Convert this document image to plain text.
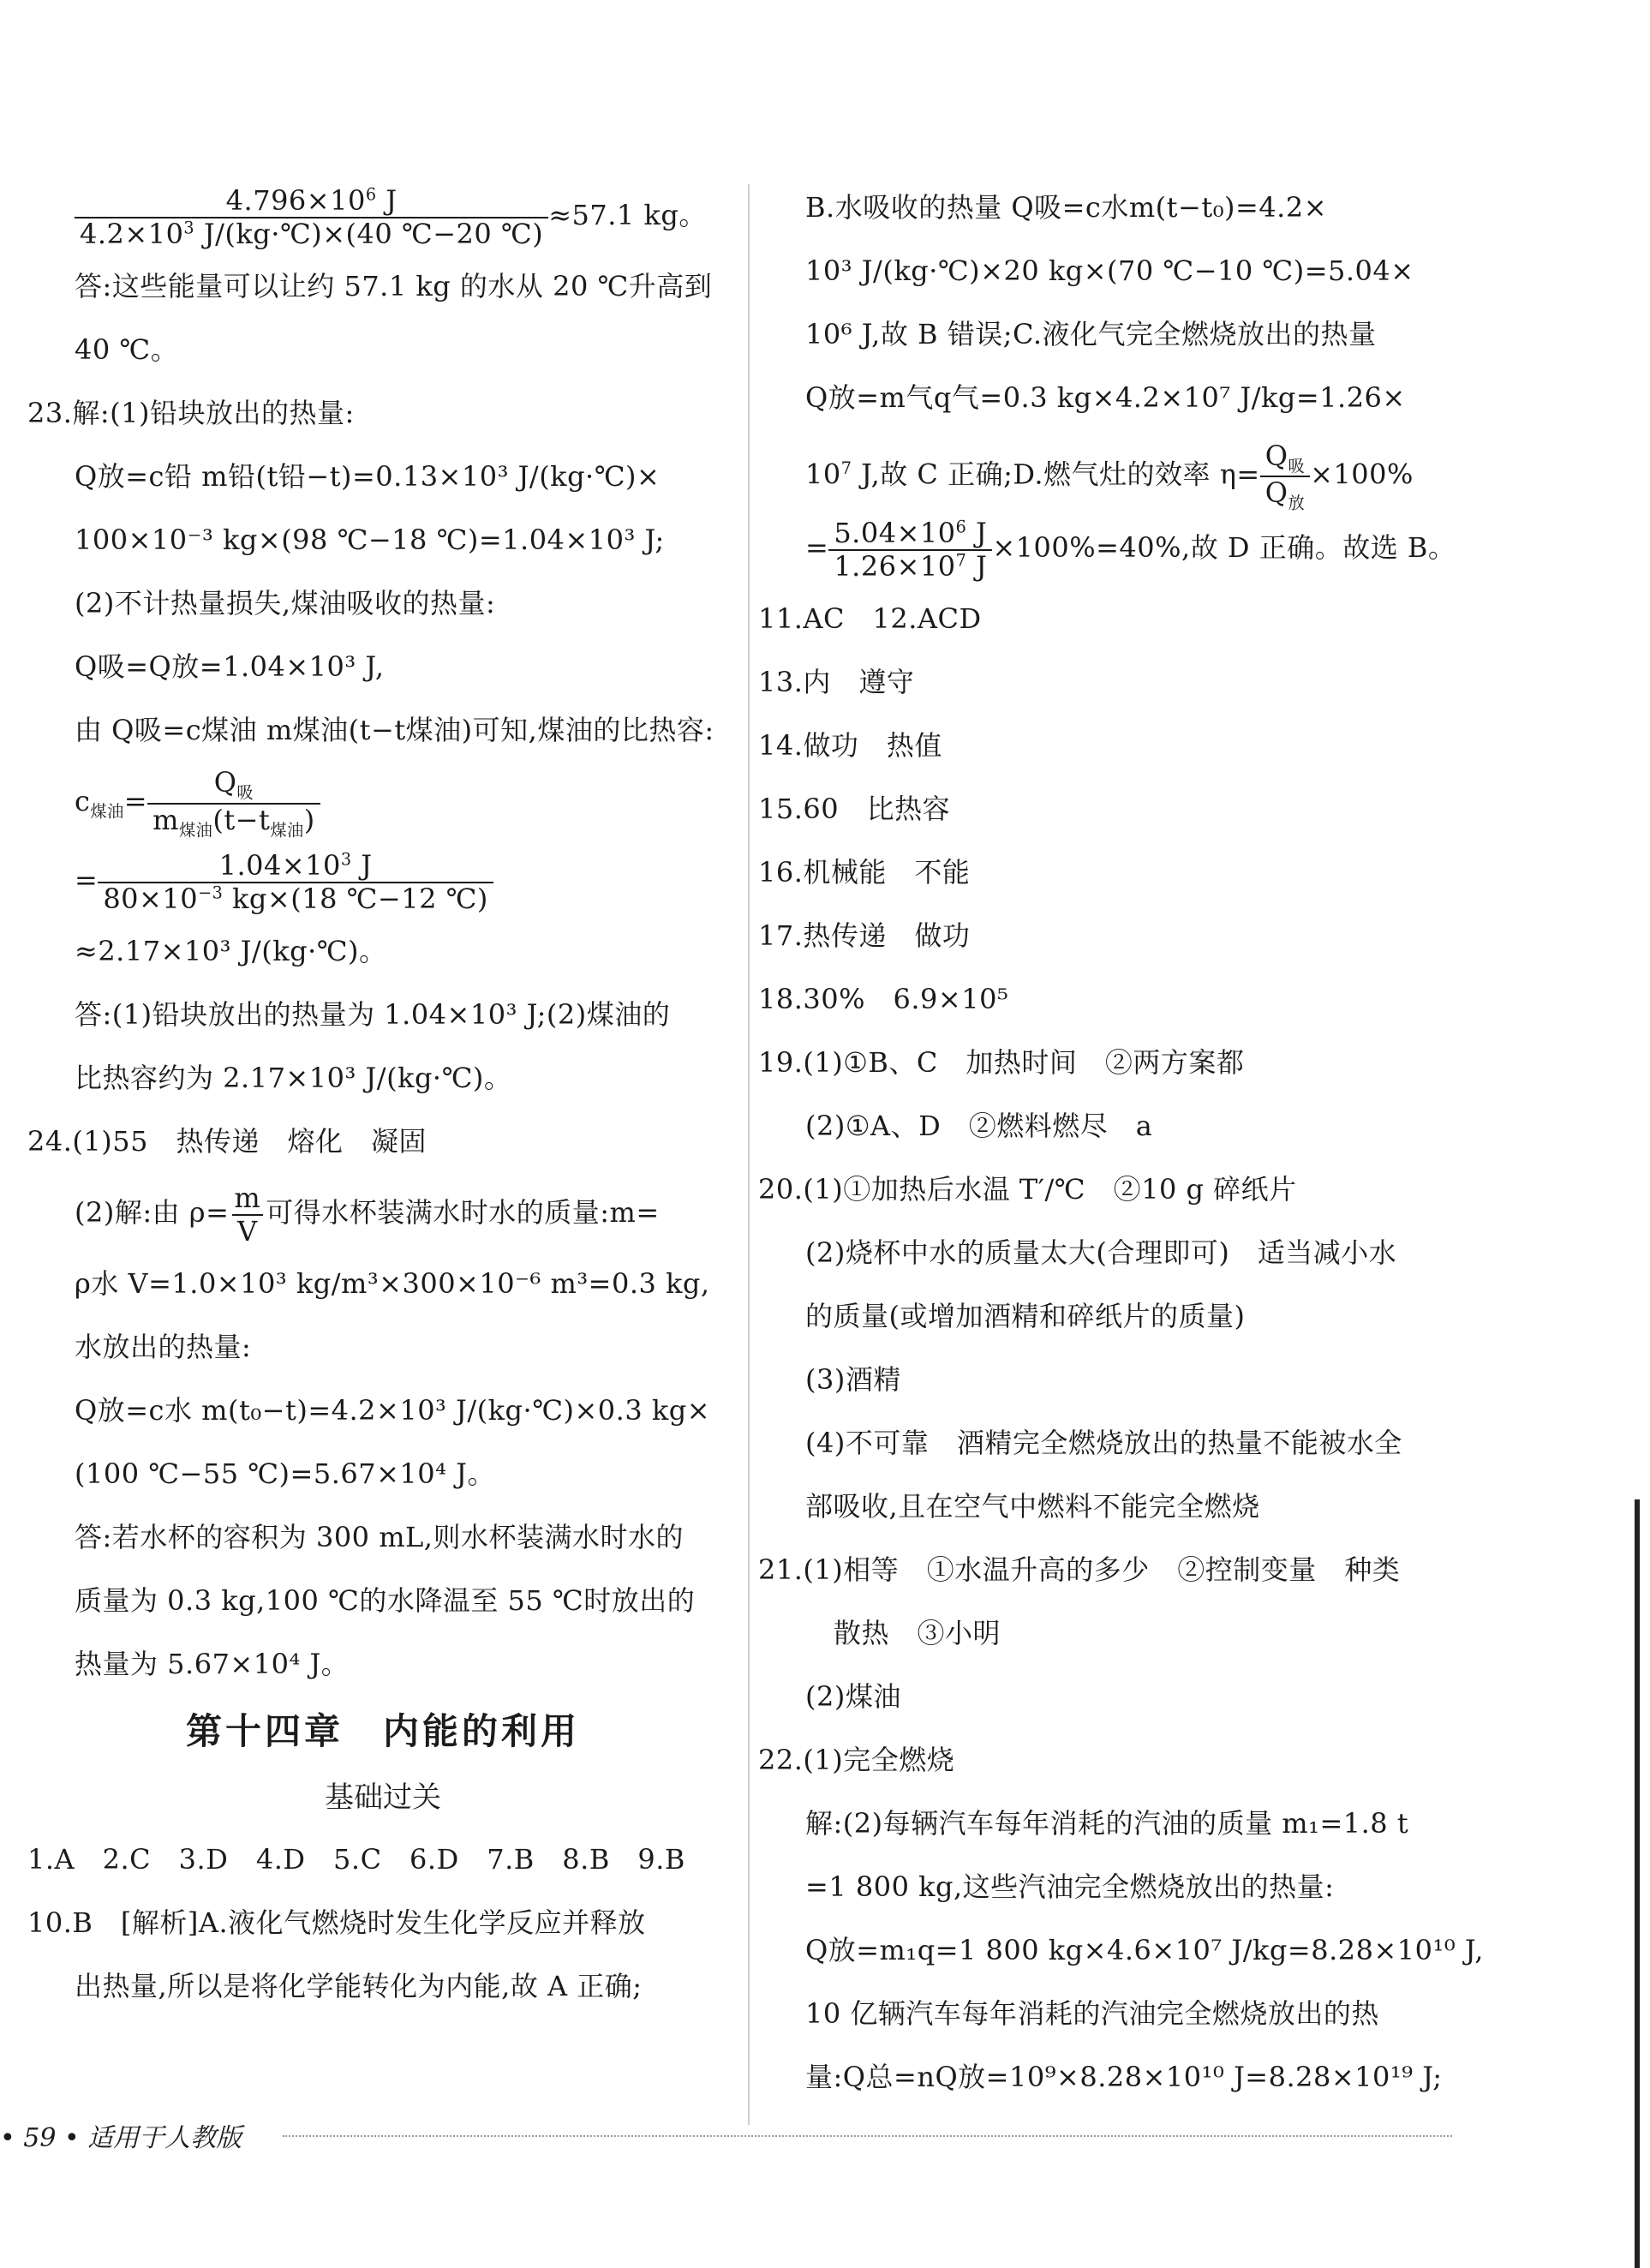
$\frac{4.796\times 10^6 J}{4.2\times 10^3 J/(kg\cdot℃)\times(40 ℃-20 ℃)} \approx 57.1$ kg。
答:这些能量可以让约 57.1 kg 的水从 20 ℃升高到
40 ℃。
23.解:(1)铅块放出的热量:
Q放=c铅 m铅(t铅−t)=0.13×10³ J/(kg·℃)×
100×10⁻³ kg×(98 ℃−18 ℃)=1.04×10³ J;
(2)不计热量损失,煤油吸收的热量:
Q吸=Q放=1.04×10³ J,
由 Q吸=c煤油 m煤油(t−t煤油)可知,煤油的比热容:
$c_{煤油}= \frac{Q_吸}{m_{煤油}(t-t_{煤油})}$
= $\frac{1.04\times 10^3 J}{80\times 10^{-3} kg\times(18 ℃-12 ℃)}$
≈2.17×10³ J/(kg·℃)。
答:(1)铅块放出的热量为 1.04×10³ J;(2)煤油的
比热容约为 2.17×10³ J/(kg·℃)。
24.(1)55　热传递　熔化　凝固
(2)解:由 $\rho= \frac{m}{V}$ 可得水杯装满水时水的质量:m=
ρ水 V=1.0×10³ kg/m³×300×10⁻⁶ m³=0.3 kg,
水放出的热量:
Q放=c水 m(t₀−t)=4.2×10³ J/(kg·℃)×0.3 kg×
(100 ℃−55 ℃)=5.67×10⁴ J。
答:若水杯的容积为 300 mL,则水杯装满水时水的
质量为 0.3 kg,100 ℃的水降温至 55 ℃时放出的
热量为 5.67×10⁴ J。
第十四章　内能的利用
基础过关
1.A　2.C　3.D　4.D　5.C　6.D　7.B　8.B　9.B
10.B　[解析]A.液化气燃烧时发生化学反应并释放
出热量,所以是将化学能转化为内能,故 A 正确;
B.水吸收的热量 Q吸=c水m(t−t₀)=4.2×
10³ J/(kg·℃)×20 kg×(70 ℃−10 ℃)=5.04×
10⁶ J,故 B 错误;C.液化气完全燃烧放出的热量
Q放=m气q气=0.3 kg×4.2×10⁷ J/kg=1.26×
$10^7$ J,故 C 正确;D.燃气灶的效率 $\eta= \frac{Q_吸}{Q_放} \times 100\%$
= $\frac{5.04\times 10^6 J}{1.26\times 10^7 J} \times 100\%=40\%$,故 D 正确。故选 B。
11.AC　12.ACD
13.内　遵守
14.做功　热值
15.60　比热容
16.机械能　不能
17.热传递　做功
18.30%　6.9×10⁵
19.(1)①B、C　加热时间　②两方案都
(2)①A、D　②燃料燃尽　a
20.(1)①加热后水温 T′/℃　②10 g 碎纸片
(2)烧杯中水的质量太大(合理即可)　适当减小水
的质量(或增加酒精和碎纸片的质量)
(3)酒精
(4)不可靠　酒精完全燃烧放出的热量不能被水全
部吸收,且在空气中燃料不能完全燃烧
21.(1)相等　①水温升高的多少　②控制变量　种类
散热　③小明
(2)煤油
22.(1)完全燃烧
解:(2)每辆汽车每年消耗的汽油的质量 m₁=1.8 t
=1 800 kg,这些汽油完全燃烧放出的热量:
Q放=m₁q=1 800 kg×4.6×10⁷ J/kg=8.28×10¹⁰ J,
10 亿辆汽车每年消耗的汽油完全燃烧放出的热
量:Q总=nQ放=10⁹×8.28×10¹⁰ J=8.28×10¹⁹ J;
• 59 • 适用于人教版
